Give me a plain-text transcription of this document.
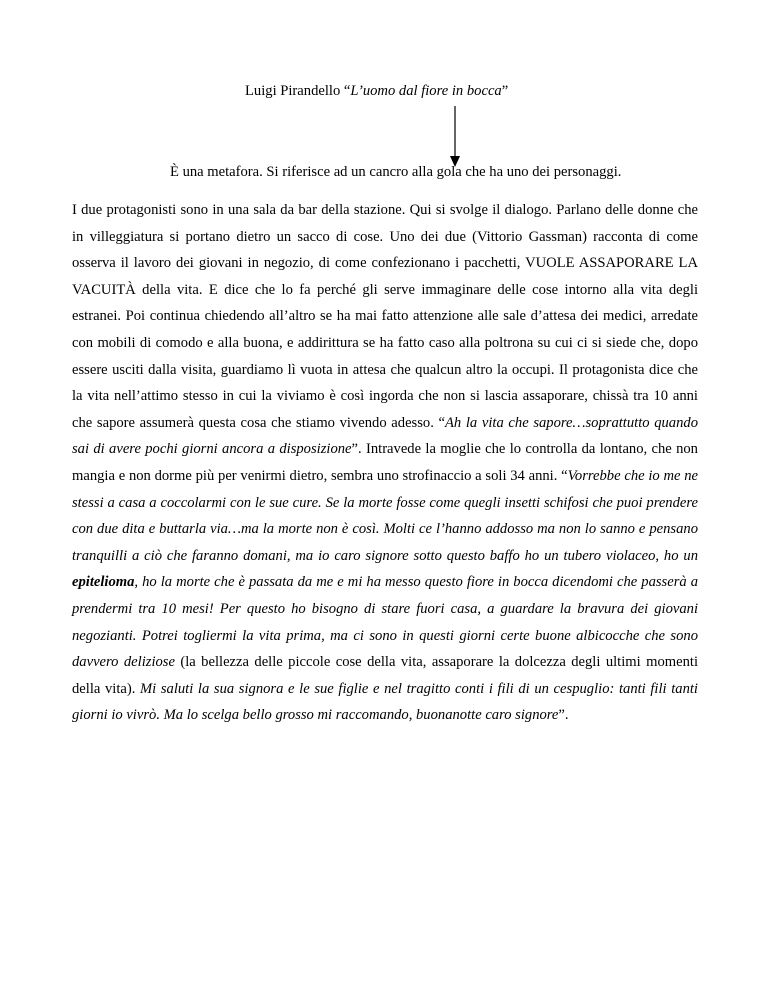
Luigi Pirandello “L’uomo dal fiore in bocca”
È una metafora. Si riferisce ad un cancro alla gola che ha uno dei personaggi.

I due protagonisti sono in una sala da bar della stazione. Qui si svolge il dialogo. Parlano delle donne che in villeggiatura si portano dietro un sacco di cose. Uno dei due (Vittorio Gassman) racconta di come osserva il lavoro dei giovani in negozio, di come confezionano i pacchetti, VUOLE ASSAPORARE LA VACUITÀ della vita. E dice che lo fa perché gli serve immaginare delle cose intorno alla vita degli estranei. Poi continua chiedendo all’altro se ha mai fatto attenzione alle sale d’attesa dei medici, arredate con mobili di comodo e alla buona, e addirittura se ha fatto caso alla poltrona su cui ci si siede che, dopo essere usciti dalla visita, guardiamo lì vuota in attesa che qualcun altro la occupi. Il protagonista dice che la vita nell’attimo stesso in cui la viviamo è così ingorda che non si lascia assaporare, chissà tra 10 anni che sapore assumerà questa cosa che stiamo vivendo adesso. “Ah la vita che sapore…soprattutto quando sai di avere pochi giorni ancora a disposizione”. Intravede la moglie che lo controlla da lontano, che non mangia e non dorme più per venirmi dietro, sembra uno strofinaccio a soli 34 anni. “Vorrebbe che io me ne stessi a casa a coccolarmi con le sue cure. Se la morte fosse come quegli insetti schifosi che puoi prendere con due dita e buttarla via…ma la morte non è così. Molti ce l’hanno addosso ma non lo sanno e pensano tranquilli a ciò che faranno domani, ma io caro signore sotto questo baffo ho un tubero violaceo, ho un epitelioma, ho la morte che è passata da me e mi ha messo questo fiore in bocca dicendomi che passerà a prendermi tra 10 mesi! Per questo ho bisogno di stare fuori casa, a guardare la bravura dei giovani negozianti. Potrei togliermi la vita prima, ma ci sono in questi giorni certe buone albicocche che sono davvero deliziose (la bellezza delle piccole cose della vita, assaporare la dolcezza degli ultimi momenti della vita). Mi saluti la sua signora e le sue figlie e nel tragitto conti i fili di un cespuglio: tanti fili tanti giorni io vivrò. Ma lo scelga bello grosso mi raccomando, buonanotte caro signore”.
